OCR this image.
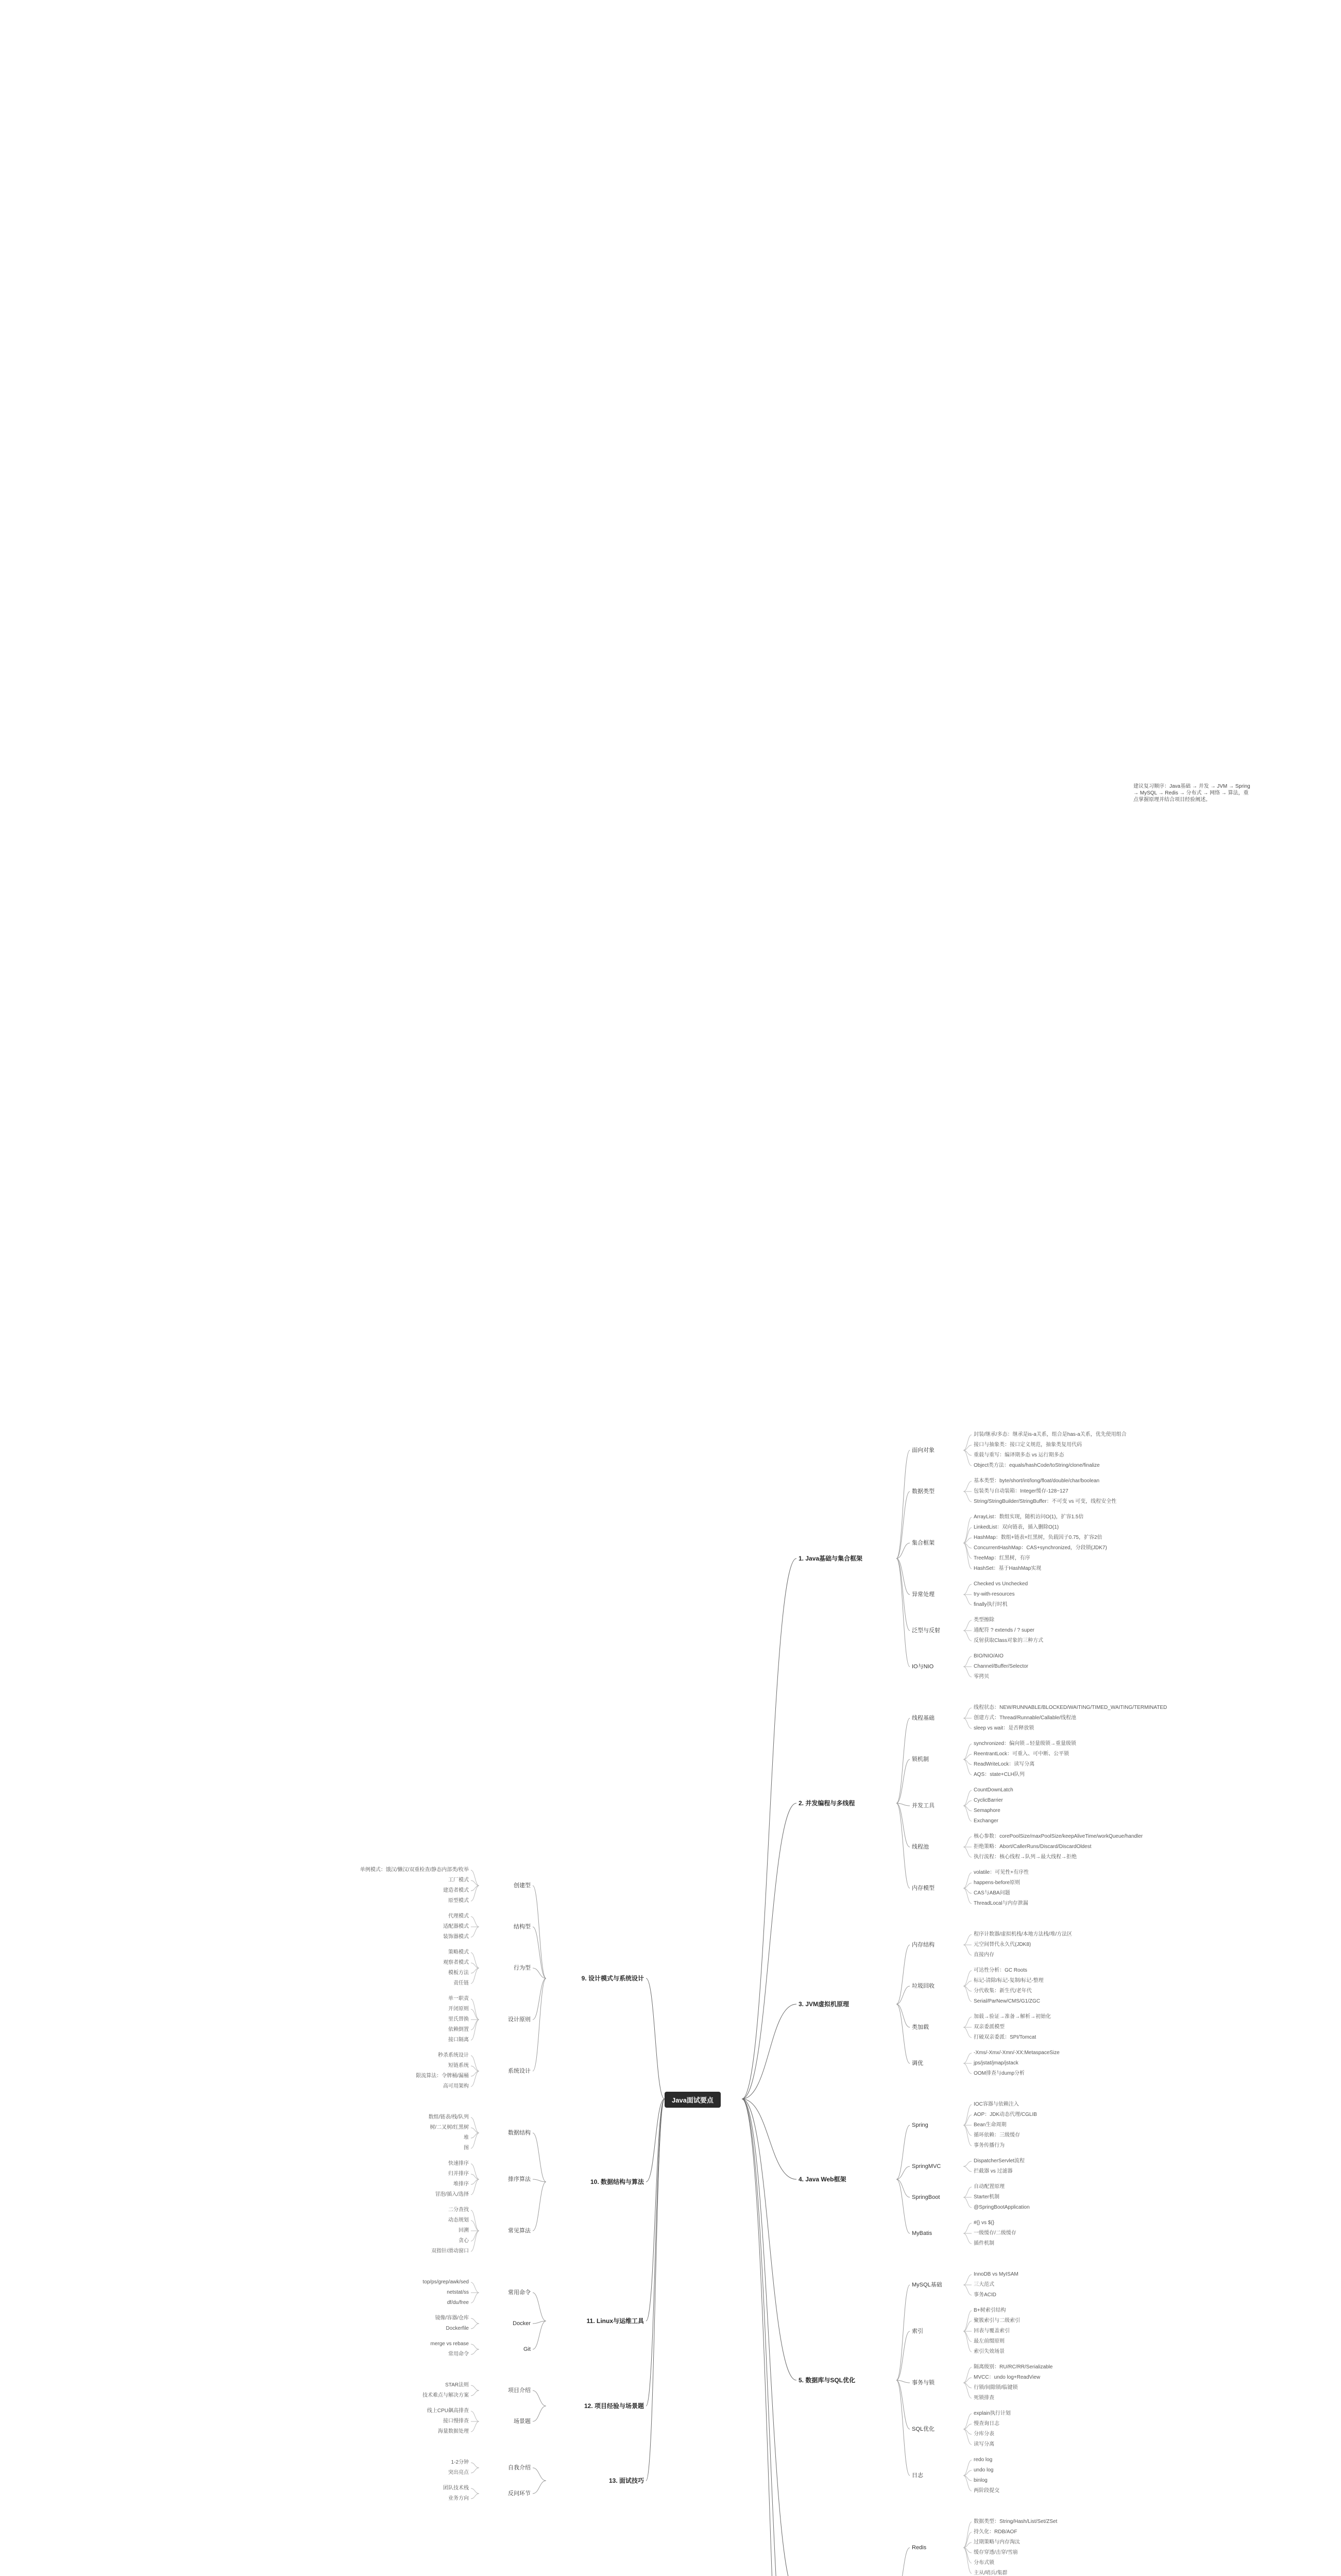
Java面试要点
封装/继承/多态：继承是is-a关系，组合是has-a关系，优先使用组合
接口与抽象类：接口定义规范，抽象类复用代码
重载与重写：编译期多态 vs 运行期多态
Object类方法：equals/hashCode/toString/clone/finalize
面向对象
基本类型：byte/short/int/long/float/double/char/boolean
包装类与自动装箱：Integer缓存-128~127
String/StringBuilder/StringBuffer：不可变 vs 可变，线程安全性
数据类型
ArrayList：数组实现，随机访问O(1)，扩容1.5倍
LinkedList：双向链表，插入删除O(1)
HashMap：数组+链表+红黑树，负载因子0.75，扩容2倍
ConcurrentHashMap：CAS+synchronized，分段锁(JDK7)
TreeMap：红黑树，有序
HashSet：基于HashMap实现
集合框架
Checked vs Unchecked
try-with-resources
finally执行时机
异常处理
类型擦除
通配符 ? extends / ? super
反射获取Class对象的三种方式
泛型与反射
BIO/NIO/AIO
Channel/Buffer/Selector
零拷贝
IO与NIO
1. Java基础与集合框架
线程状态：NEW/RUNNABLE/BLOCKED/WAITING/TIMED_WAITING/TERMINATED
创建方式：Thread/Runnable/Callable/线程池
sleep vs wait：是否释放锁
线程基础
synchronized：偏向锁→轻量级锁→重量级锁
ReentrantLock：可重入、可中断、公平锁
ReadWriteLock：读写分离
AQS：state+CLH队列
锁机制
CountDownLatch
CyclicBarrier
Semaphore
Exchanger
并发工具
核心参数：corePoolSize/maxPoolSize/keepAliveTime/workQueue/handler
拒绝策略：Abort/CallerRuns/Discard/DiscardOldest
执行流程：核心线程→队列→最大线程→拒绝
线程池
volatile：可见性+有序性
happens-before原则
CAS与ABA问题
ThreadLocal与内存泄漏
内存模型
2. 并发编程与多线程
程序计数器/虚拟机栈/本地方法栈/堆/方法区
元空间替代永久代(JDK8)
直接内存
内存结构
可达性分析：GC Roots
标记-清除/标记-复制/标记-整理
分代收集：新生代/老年代
Serial/ParNew/CMS/G1/ZGC
垃圾回收
加载→验证→准备→解析→初始化
双亲委派模型
打破双亲委派：SPI/Tomcat
类加载
-Xms/-Xmx/-Xmn/-XX:MetaspaceSize
jps/jstat/jmap/jstack
OOM排查与dump分析
调优
3. JVM虚拟机原理
IOC容器与依赖注入
AOP：JDK动态代理/CGLIB
Bean生命周期
循环依赖：三级缓存
事务传播行为
Spring
DispatcherServlet流程
拦截器 vs 过滤器
SpringMVC
自动配置原理
Starter机制
@SpringBootApplication
SpringBoot
#{} vs ${}
一级缓存/二级缓存
插件机制
MyBatis
4. Java Web框架
InnoDB vs MyISAM
三大范式
事务ACID
MySQL基础
B+树索引结构
聚簇索引与二级索引
回表与覆盖索引
最左前缀原则
索引失效场景
索引
隔离级别：RU/RC/RR/Serializable
MVCC：undo log+ReadView
行锁/间隙锁/临键锁
死锁排查
事务与锁
explain执行计划
慢查询日志
分库分表
读写分离
SQL优化
redo log
undo log
binlog
两阶段提交
日志
5. 数据库与SQL优化
数据类型：String/Hash/List/Set/ZSet
持久化：RDB/AOF
过期策略与内存淘汰
缓存穿透/击穿/雪崩
分布式锁
主从/哨兵/集群
Redis
单例模式：饿汉/懒汉/双重检查/静态内部类/枚举
工厂模式
建造者模式
原型模式
创建型
代理模式
适配器模式
装饰器模式
结构型
策略模式
观察者模式
模板方法
责任链
行为型
单一职责
开闭原则
里氏替换
依赖倒置
接口隔离
设计原则
秒杀系统设计
短链系统
限流算法：令牌桶/漏桶
高可用架构
系统设计
9. 设计模式与系统设计
数组/链表/栈/队列
树/二叉树/红黑树
堆
图
数据结构
快速排序
归并排序
堆排序
冒泡/插入/选择
排序算法
二分查找
动态规划
回溯
贪心
双指针/滑动窗口
常见算法
10. 数据结构与算法
top/ps/grep/awk/sed
netstat/ss
df/du/free
常用命令
镜像/容器/仓库
Dockerfile
Docker
merge vs rebase
常用命令
Git
11. Linux与运维工具
STAR法则
技术难点与解决方案
项目介绍
线上CPU飙高排查
接口慢排查
海量数据处理
场景题
12. 项目经验与场景题
1-2分钟
突出亮点
自我介绍
团队技术栈
业务方向
反问环节
13. 面试技巧

建议复习顺序：Java基础 → 并发 → JVM → Spring → MySQL → Redis → 分布式 → 网络 → 算法，重点掌握原理并结合项目经验阐述。
